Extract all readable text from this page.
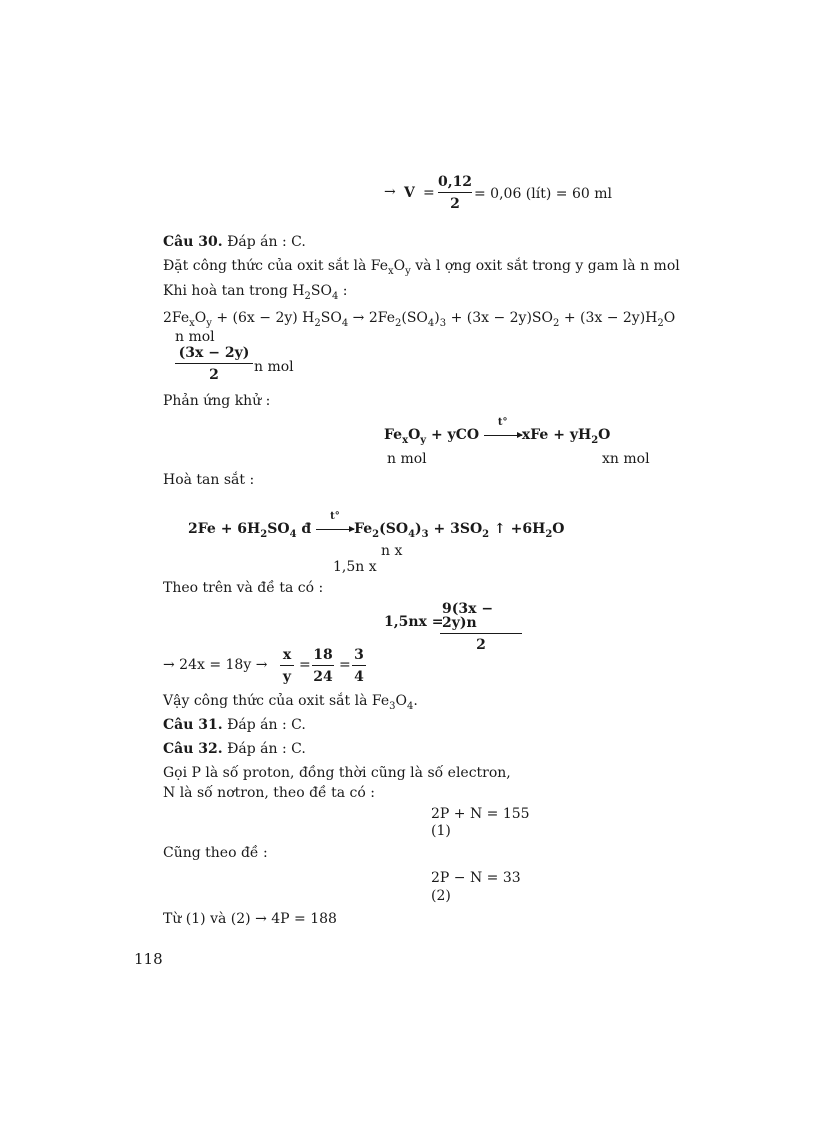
→ $V = \frac{0,12}{2} = 0,06$ (lít) = 60 ml
Câu 30. Đáp án : C.
Đặt công thức của oxit sắt là $Fe_xO_y$ và l ợng oxit sắt trong y gam là n mol
Khi hoà tan trong $H_2SO_4$ :
$2Fe_xO_y + (6x - 2y) H_2SO_4 \to 2Fe_2(SO_4)_3 + (3x - 2y)SO_2 + (3x - 2y)H_2O$
n mol
$\frac{(3x - 2y)}{2}$ n mol
Phản ứng khử :
$Fe_xO_y$ + yCO
t°
xFe + $yH_2O$
n mol	xn mol
Hoà tan sắt :
$2Fe + 6H_2SO_4$ đ
t°
$Fe_2(SO_4)_3 + 3SO_2$ ↑ $+6H_2O$
n x
1,5n x
Theo trên và đề ta có :
1,5nx =
$\frac{9(3x - 2y)n}{2}$
→ $24x = 18y \to \frac{x}{y} = \frac{18}{24} = \frac{3}{4}$
Vậy công thức của oxit sắt là $Fe_3O_4$.
Câu 31. Đáp án : C.
Câu 32. Đáp án : C.
Gọi P là số proton, đồng thời cũng là số electron,
N là số nơtron, theo đề ta có :
2P + N = 155
(1)
Cũng theo đề :
2P − N = 33
(2)
Từ (1) và (2) → 4P = 188
118
